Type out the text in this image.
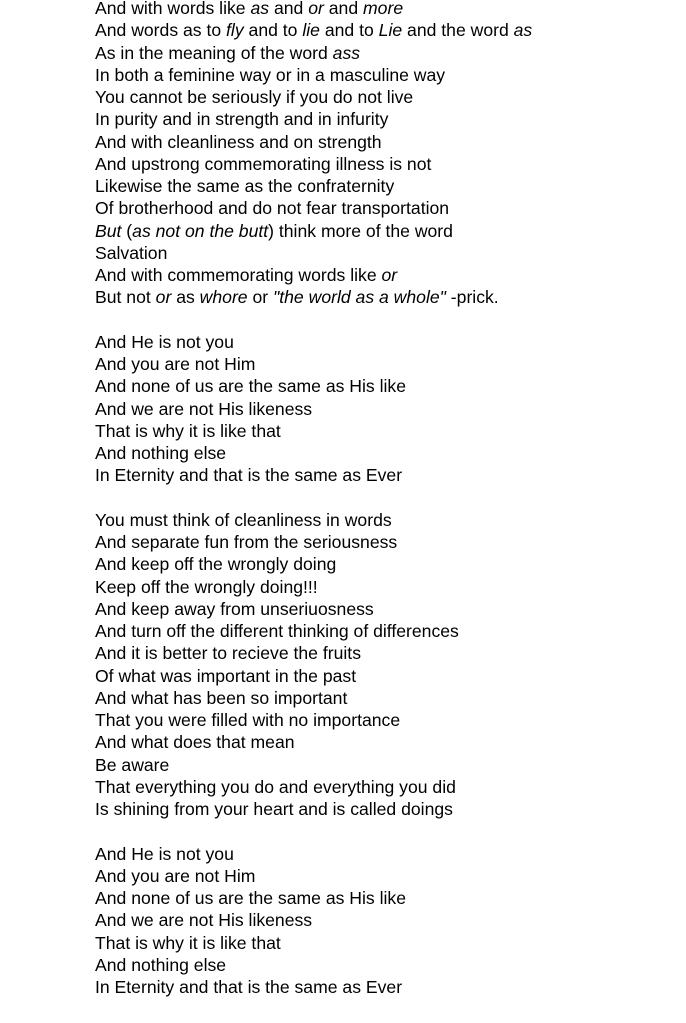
And with words like as and or and more
And words as to fly and to lie and to Lie and the word as
As in the meaning of the word ass
In both a feminine way or in a masculine way
You cannot be seriously if you do not live
In purity and in strength and in infurity
And with cleanliness and on strength
And upstrong commemorating illness is not
Likewise the same as the confraternity
Of brotherhood and do not fear transportation
But (as not on the butt) think more of the word
Salvation
And with commemorating words like or
But not or as whore or "the world as a whole" -prick.
And He is not you
And you are not Him
And none of us are the same as His like
And we are not His likeness
That is why it is like that
And nothing else
In Eternity and that is the same as Ever
You must think of cleanliness in words
And separate fun from the seriousness
And keep off the wrongly doing
Keep off the wrongly doing!!!
And keep away from unseriuosness
And turn off the different thinking of differences
And it is better to recieve the fruits
Of what was important in the past
And what has been so important
That you were filled with no importance
And what does that mean
Be aware
That everything you do and everything you did
Is shining from your heart and is called doings
And He is not you
And you are not Him
And none of us are the same as His like
And we are not His likeness
That is why it is like that
And nothing else
In Eternity and that is the same as Ever
